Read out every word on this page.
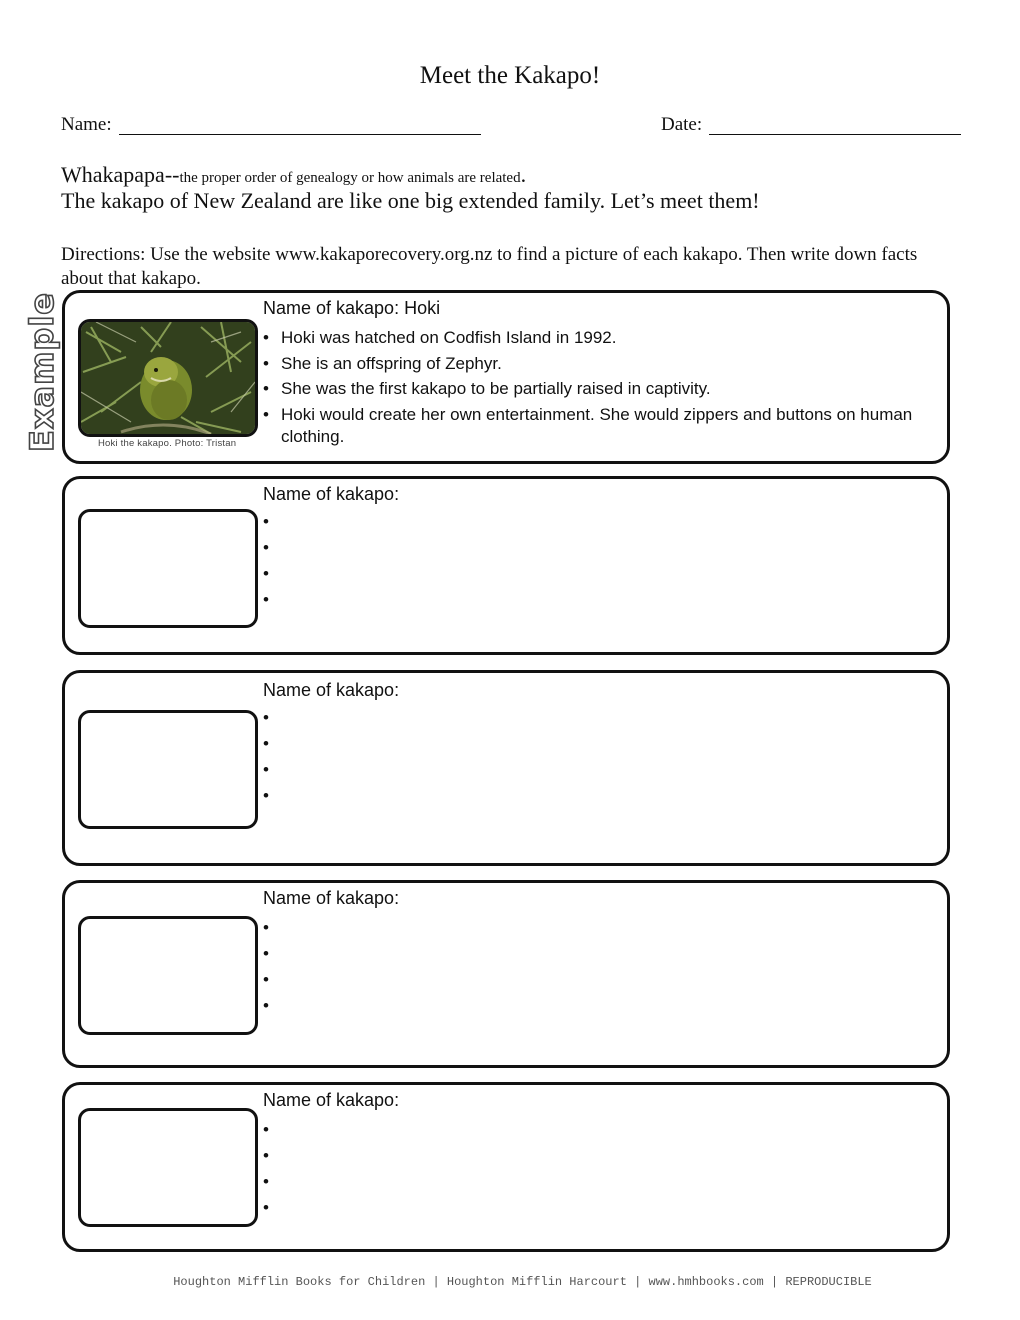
Meet the Kakapo!
Name:	Date:
Whakapapa--the proper order of genealogy or how animals are related.
The kakapo of New Zealand are like one big extended family. Let’s meet them!
Directions: Use the website www.kakaporecovery.org.nz to find a picture of each kakapo. Then write down facts about that kakapo.
Example	Hoki the kakapo. Photo: Tristan
Name of kakapo: Hoki
• Hoki was hatched on Codfish Island in 1992.
• She is an offspring of Zephyr.
• She was the first kakapo to be partially raised in captivity.
• Hoki would create her own entertainment. She would zippers and buttons on human clothing.
Name of kakapo:
•
•
•
•
Name of kakapo:
•
•
•
•
Name of kakapo:
•
•
•
•
Name of kakapo:
•
•
•
•
Houghton Mifflin Books for Children | Houghton Mifflin Harcourt | www.hmhbooks.com | REPRODUCIBLE
